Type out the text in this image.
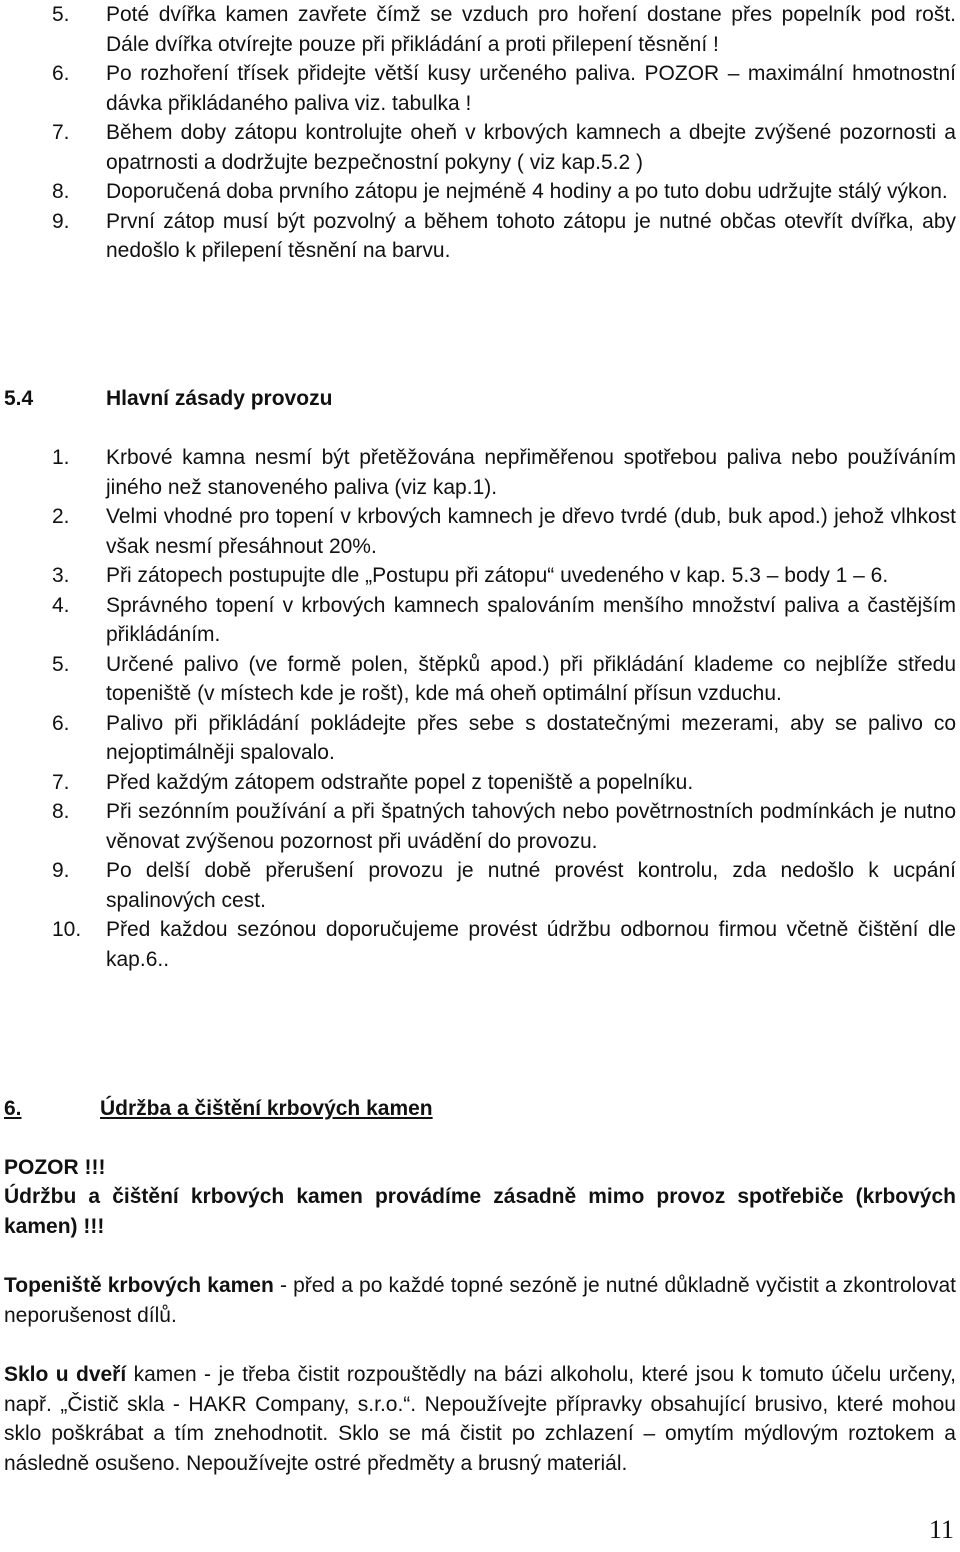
5. Poté dvířka kamen zavřete čímž se vzduch pro hoření dostane přes popelník pod rošt. Dále dvířka otvírejte pouze při přikládání a proti přilepení těsnění !
6. Po rozhoření třísek přidejte větší kusy určeného paliva. POZOR – maximální hmotnostní dávka přikládaného paliva viz. tabulka !
7. Během doby zátopu kontrolujte oheň v krbových kamnech a dbejte zvýšené pozornosti a opatrnosti a dodržujte bezpečnostní pokyny ( viz kap.5.2 )
8. Doporučená doba prvního zátopu je nejméně 4 hodiny a po tuto dobu udržujte stálý výkon.
9. První zátop musí být pozvolný a během tohoto zátopu je nutné občas otevřít dvířka, aby nedošlo k přilepení těsnění na barvu.
5.4	Hlavní zásady provozu
1. Krbové kamna nesmí být přetěžována nepřiměřenou spotřebou paliva nebo používáním jiného než stanoveného paliva (viz kap.1).
2. Velmi vhodné pro topení v krbových kamnech je dřevo tvrdé (dub, buk apod.) jehož vlhkost však nesmí přesáhnout 20%.
3. Při zátopech postupujte dle „Postupu při zátopu“ uvedeného v kap. 5.3 – body 1 – 6.
4. Správného topení v krbových kamnech spalováním menšího množství paliva a častějším přikládáním.
5. Určené palivo (ve formě polen, štěpků apod.) při přikládání klademe co nejblíže středu topeniště (v místech kde je rošt), kde má oheň optimální přísun vzduchu.
6. Palivo při přikládání pokládejte přes sebe s dostatečnými mezerami, aby se palivo co nejoptimálněji spalovalo.
7. Před každým zátopem odstraňte popel z topeniště a popelníku.
8. Při sezónním používání a při špatných tahových nebo povětrnostních podmínkách je nutno věnovat zvýšenou pozornost při uvádění do provozu.
9. Po delší době přerušení provozu je nutné provést kontrolu, zda nedošlo k ucpání spalinových cest.
10. Před každou sezónou doporučujeme provést údržbu odbornou firmou včetně čištění dle kap.6..
6.	Údržba a čištění krbových kamen
POZOR !!!
Údržbu a čištění krbových kamen provádíme zásadně mimo provoz spotřebiče (krbových kamen) !!!

Topeniště krbových kamen - před a po každé topné sezóně je nutné důkladně vyčistit a zkontrolovat neporušenost dílů.

Sklo u dveří kamen - je třeba čistit rozpouštědly na bázi alkoholu, které jsou k tomuto účelu určeny, např. „Čistič skla - HAKR Company, s.r.o.“. Nepoužívejte přípravky obsahující brusivo, které mohou sklo poškrábat a tím znehodnotit. Sklo se má čistit po zchlazení – omytím mýdlovým roztokem a následně osušeno. Nepoužívejte ostré předměty a brusný materiál.

11
